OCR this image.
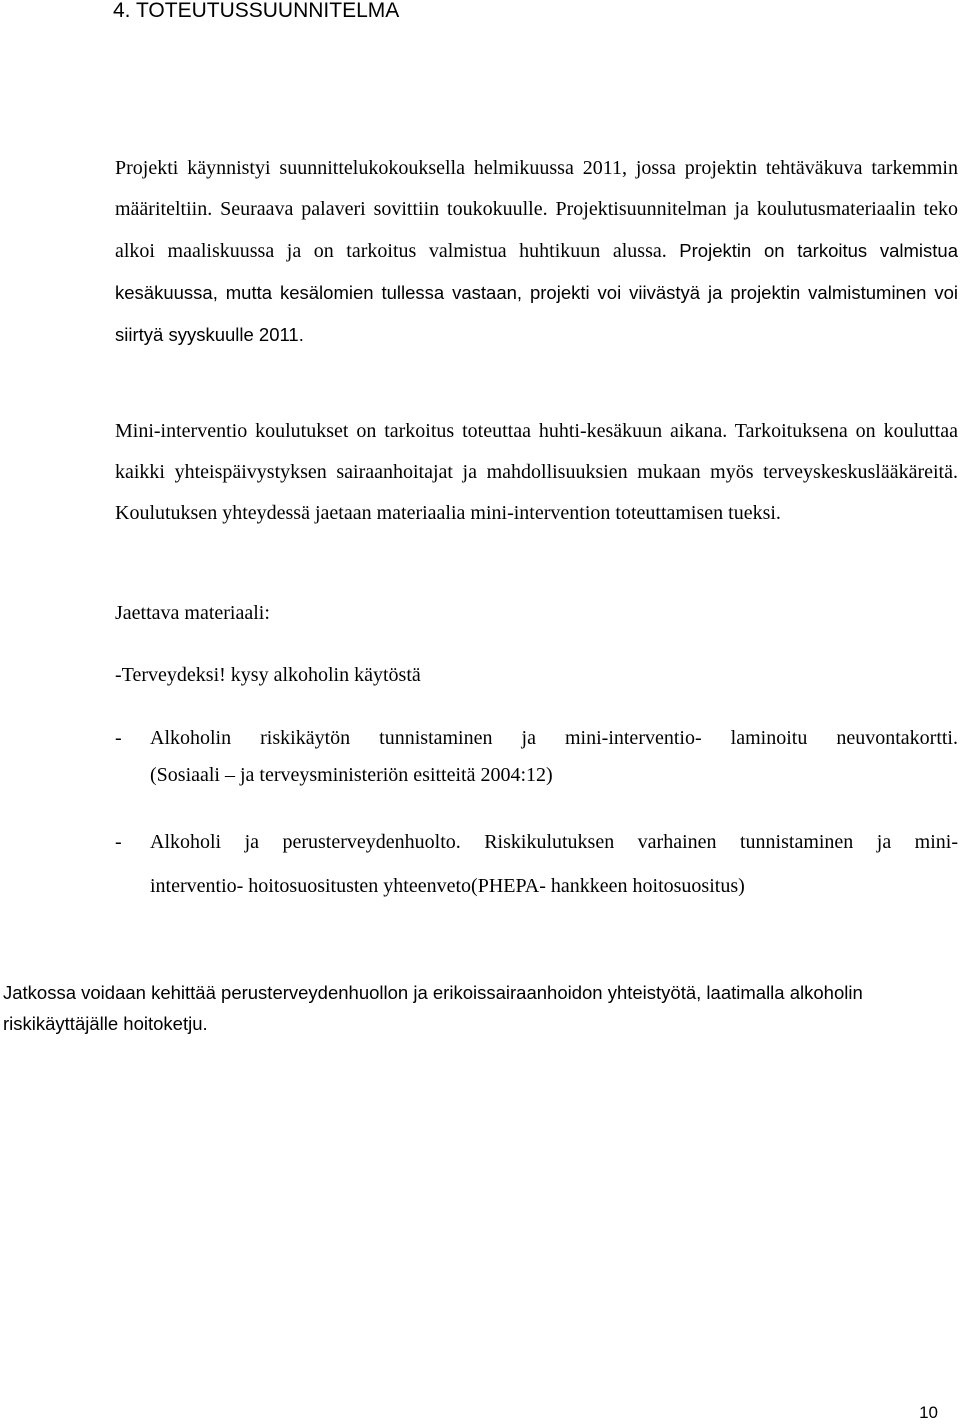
4. TOTEUTUSSUUNNITELMA

Projekti käynnistyi suunnittelukokouksella helmikuussa 2011, jossa projektin tehtäväkuva tarkemmin määriteltiin. Seuraava palaveri sovittiin toukokuulle. Projektisuunnitelman ja koulutusmateriaalin teko alkoi maaliskuussa ja on tarkoitus valmistua huhtikuun alussa. Projektin on tarkoitus valmistua kesäkuussa, mutta kesälomien tullessa vastaan, projekti voi viivästyä ja projektin valmistuminen voi siirtyä syyskuulle 2011.

Mini-interventio koulutukset on tarkoitus toteuttaa huhti-kesäkuun aikana. Tarkoituksena on kouluttaa kaikki yhteispäivystyksen sairaanhoitajat ja mahdollisuuksien mukaan myös terveyskeskuslääkäreitä. Koulutuksen yhteydessä jaetaan materiaalia mini-intervention toteuttamisen tueksi.

Jaettava materiaali:

-Terveydeksi! kysy alkoholin käytöstä

- Alkoholin riskikäytön tunnistaminen ja mini-interventio- laminoitu neuvontakortti.
(Sosiaali – ja terveysministeriön esitteitä 2004:12)
- Alkoholi ja perusterveydenhuolto. Riskikulutuksen varhainen tunnistaminen ja mini-
interventio- hoitosuositusten yhteenveto(PHEPA- hankkeen hoitosuositus)

Jatkossa voidaan kehittää perusterveydenhuollon ja erikoissairaanhoidon yhteistyötä, laatimalla alkoholin riskikäyttäjälle hoitoketju.

10
